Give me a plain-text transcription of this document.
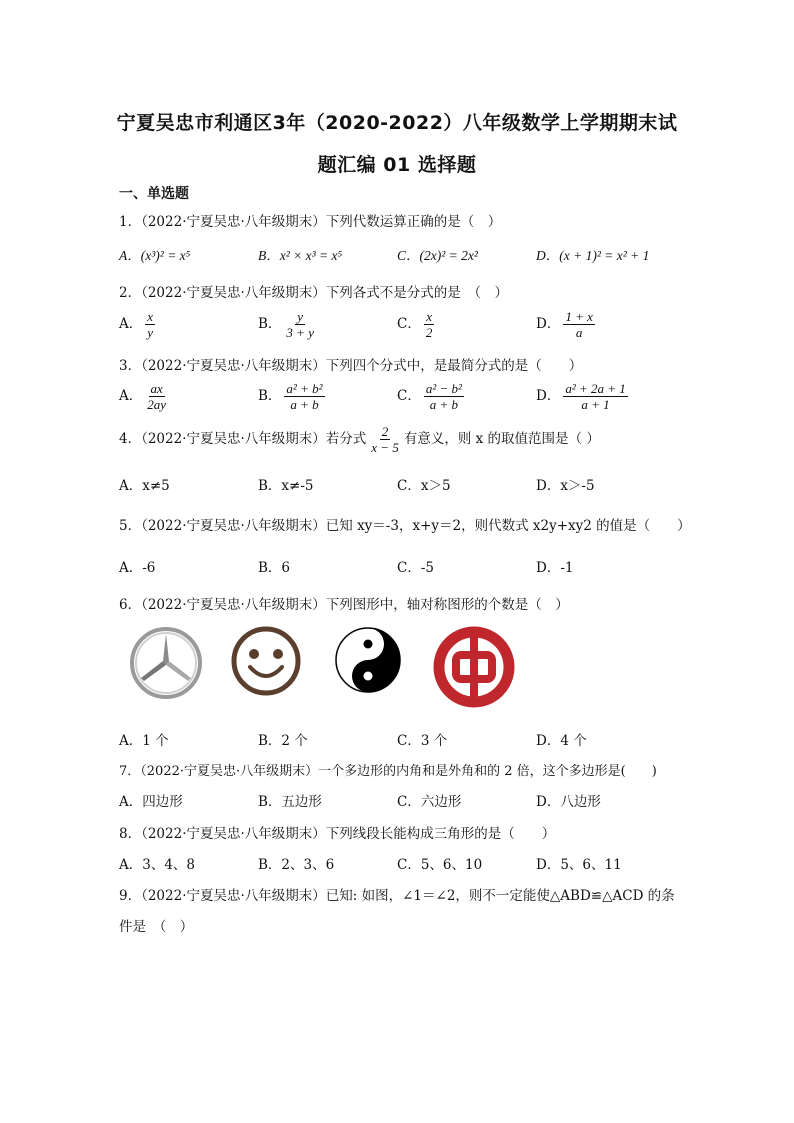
宁夏吴忠市利通区3年（2020-2022）八年级数学上学期期末试
题汇编 01 选择题
一、单选题
1．（2022·宁夏吴忠·八年级期末）下列代数运算正确的是（　）
A．(x³)² = x⁵	B．x² × x³ = x⁵	C．(2x)² = 2x²	D．(x + 1)² = x² + 1
2．（2022·宁夏吴忠·八年级期末）下列各式不是分式的是　（　）
A． $\frac{x}{y}$	B． $\frac{y}{3 + y}$	C． $\frac{x}{2}$	D． $\frac{1 + x}{a}$
3．（2022·宁夏吴忠·八年级期末）下列四个分式中，是最简分式的是（　　）
A． $\frac{ax}{2ay}$	B． $\frac{\text{a² + b²}}{a + b}$	C． $\frac{\text{a² − b²}}{a + b}$	D． $\frac{\text{a² + 2a + 1}}{a + 1}$
4．（2022·宁夏吴忠·八年级期末）若分式 $\frac{2}{x - 5}$ 有意义，则 x 的取值范围是（ ）
A．x≠5	B．x≠-5	C．x＞5	D．x＞-5
5．（2022·宁夏吴忠·八年级期末）已知 xy＝-3，x+y＝2，则代数式 x2y+xy2 的值是（　　）
A．-6	B．6	C．-5	D．-1
6．（2022·宁夏吴忠·八年级期末）下列图形中，轴对称图形的个数是（　）
A．1 个	B．2 个	C．3 个	D．4 个
7．（2022·宁夏吴忠·八年级期末）一个多边形的内角和是外角和的 2 倍，这个多边形是(　　)
A．四边形	B．五边形	C．六边形	D．八边形
8．（2022·宁夏吴忠·八年级期末）下列线段长能构成三角形的是（　　）
A．3、4、8	B．2、3、6	C．5、6、10	D．5、6、11
9．（2022·宁夏吴忠·八年级期末）已知: 如图，∠1＝∠2，则不一定能使△ABD≌△ACD 的条
件是　（　）
